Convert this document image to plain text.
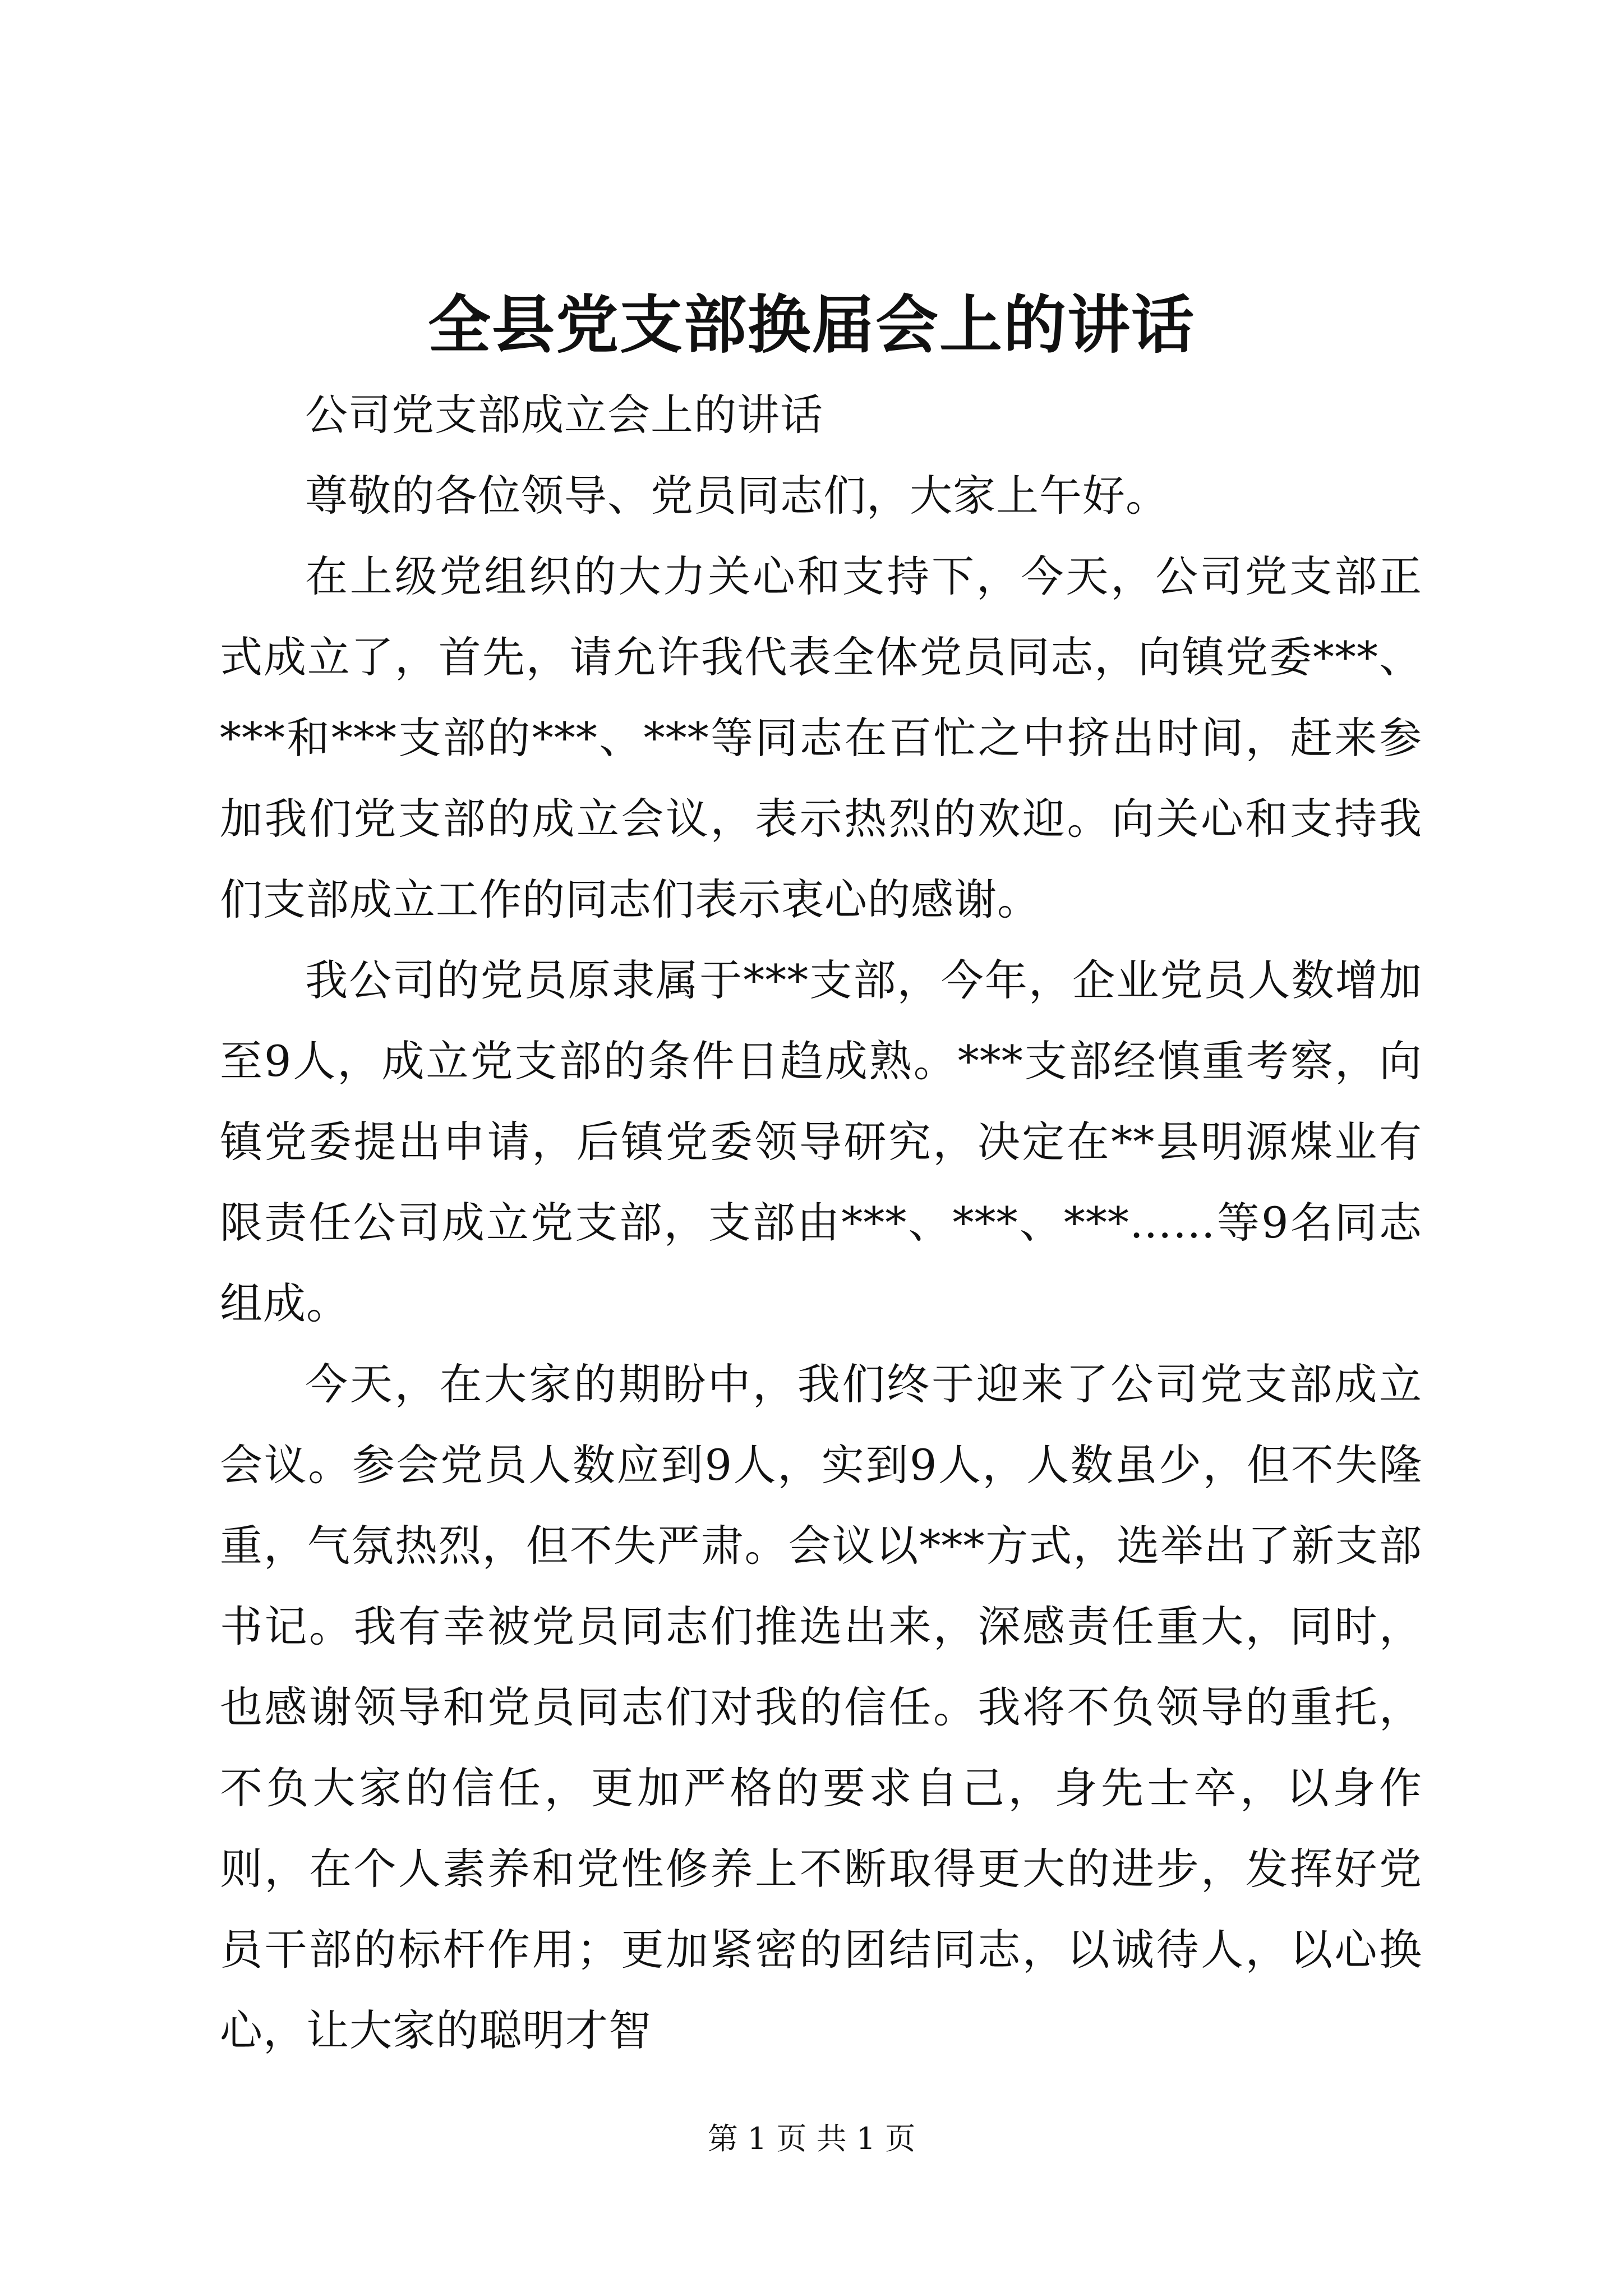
全县党支部换届会上的讲话

公司党支部成立会上的讲话

尊敬的各位领导、党员同志们，大家上午好。

在上级党组织的大力关心和支持下，今天，公司党支部正式成立了，首先，请允许我代表全体党员同志，向镇党委***、***和***支部的***、***等同志在百忙之中挤出时间，赶来参加我们党支部的成立会议，表示热烈的欢迎。向关心和支持我们支部成立工作的同志们表示衷心的感谢。

我公司的党员原隶属于***支部，今年，企业党员人数增加至9人，成立党支部的条件日趋成熟。***支部经慎重考察，向镇党委提出申请，后镇党委领导研究，决定在**县明源煤业有限责任公司成立党支部，支部由***、***、***……等9名同志组成。

今天，在大家的期盼中，我们终于迎来了公司党支部成立会议。参会党员人数应到9人，实到9人，人数虽少，但不失隆重，气氛热烈，但不失严肃。会议以***方式，选举出了新支部书记。我有幸被党员同志们推选出来，深感责任重大，同时，也感谢领导和党员同志们对我的信任。我将不负领导的重托，不负大家的信任，更加严格的要求自己，身先士卒，以身作则，在个人素养和党性修养上不断取得更大的进步，发挥好党员干部的标杆作用；更加紧密的团结同志，以诚待人，以心换心，让大家的聪明才智

第 1 页 共 1 页
